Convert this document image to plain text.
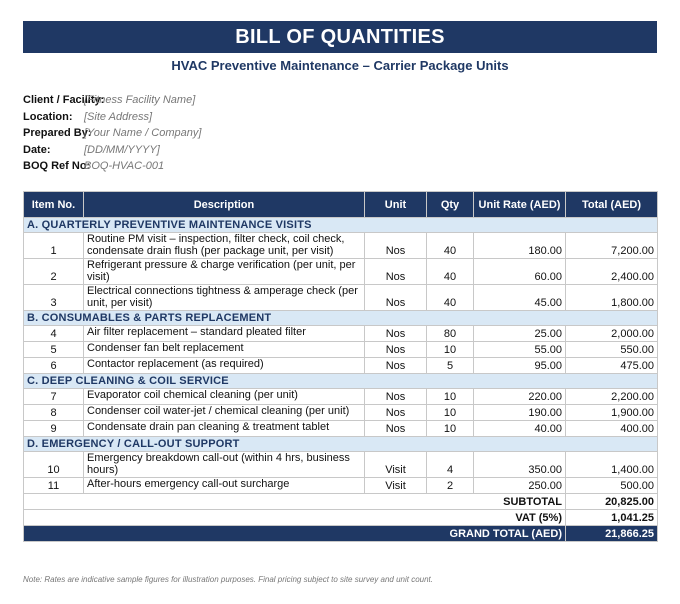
BILL OF QUANTITIES
HVAC Preventive Maintenance – Carrier Package Units
Client / Facility:
[Fitness Facility Name]
Location:	[Site Address]
Prepared By:
[Your Name / Company]
Date:	[DD/MM/YYYY]
BOQ Ref No:
BOQ-HVAC-001
Item No.	Description	Unit	Qty	Unit Rate (AED)	Total (AED)
A. QUARTERLY PREVENTIVE MAINTENANCE VISITS					
1	Routine PM visit – inspection, filter check, coil check, condensate drain flush (per package unit, per visit)	Nos	40	180.00	7,200.00
2	Refrigerant pressure & charge verification (per unit, per visit)	Nos	40	60.00	2,400.00
3	Electrical connections tightness & amperage check (per unit, per visit)	Nos	40	45.00	1,800.00
B. CONSUMABLES & PARTS REPLACEMENT					
4	Air filter replacement – standard pleated filter	Nos	80	25.00	2,000.00
5	Condenser fan belt replacement	Nos	10	55.00	550.00
6	Contactor replacement (as required)	Nos	5	95.00	475.00
C. DEEP CLEANING & COIL SERVICE					
7	Evaporator coil chemical cleaning (per unit)	Nos	10	220.00	2,200.00
8	Condenser coil water-jet / chemical cleaning (per unit)	Nos	10	190.00	1,900.00
9	Condensate drain pan cleaning & treatment tablet	Nos	10	40.00	400.00
D. EMERGENCY / CALL-OUT SUPPORT					
10	Emergency breakdown call-out (within 4 hrs, business hours)	Visit	4	350.00	1,400.00
11	After-hours emergency call-out surcharge	Visit	2	250.00	500.00
SUBTOTAL					20,825.00
VAT (5%)					1,041.25
GRAND TOTAL (AED)					21,866.25
Note: Rates are indicative sample figures for illustration purposes. Final pricing subject to site survey and unit count.
